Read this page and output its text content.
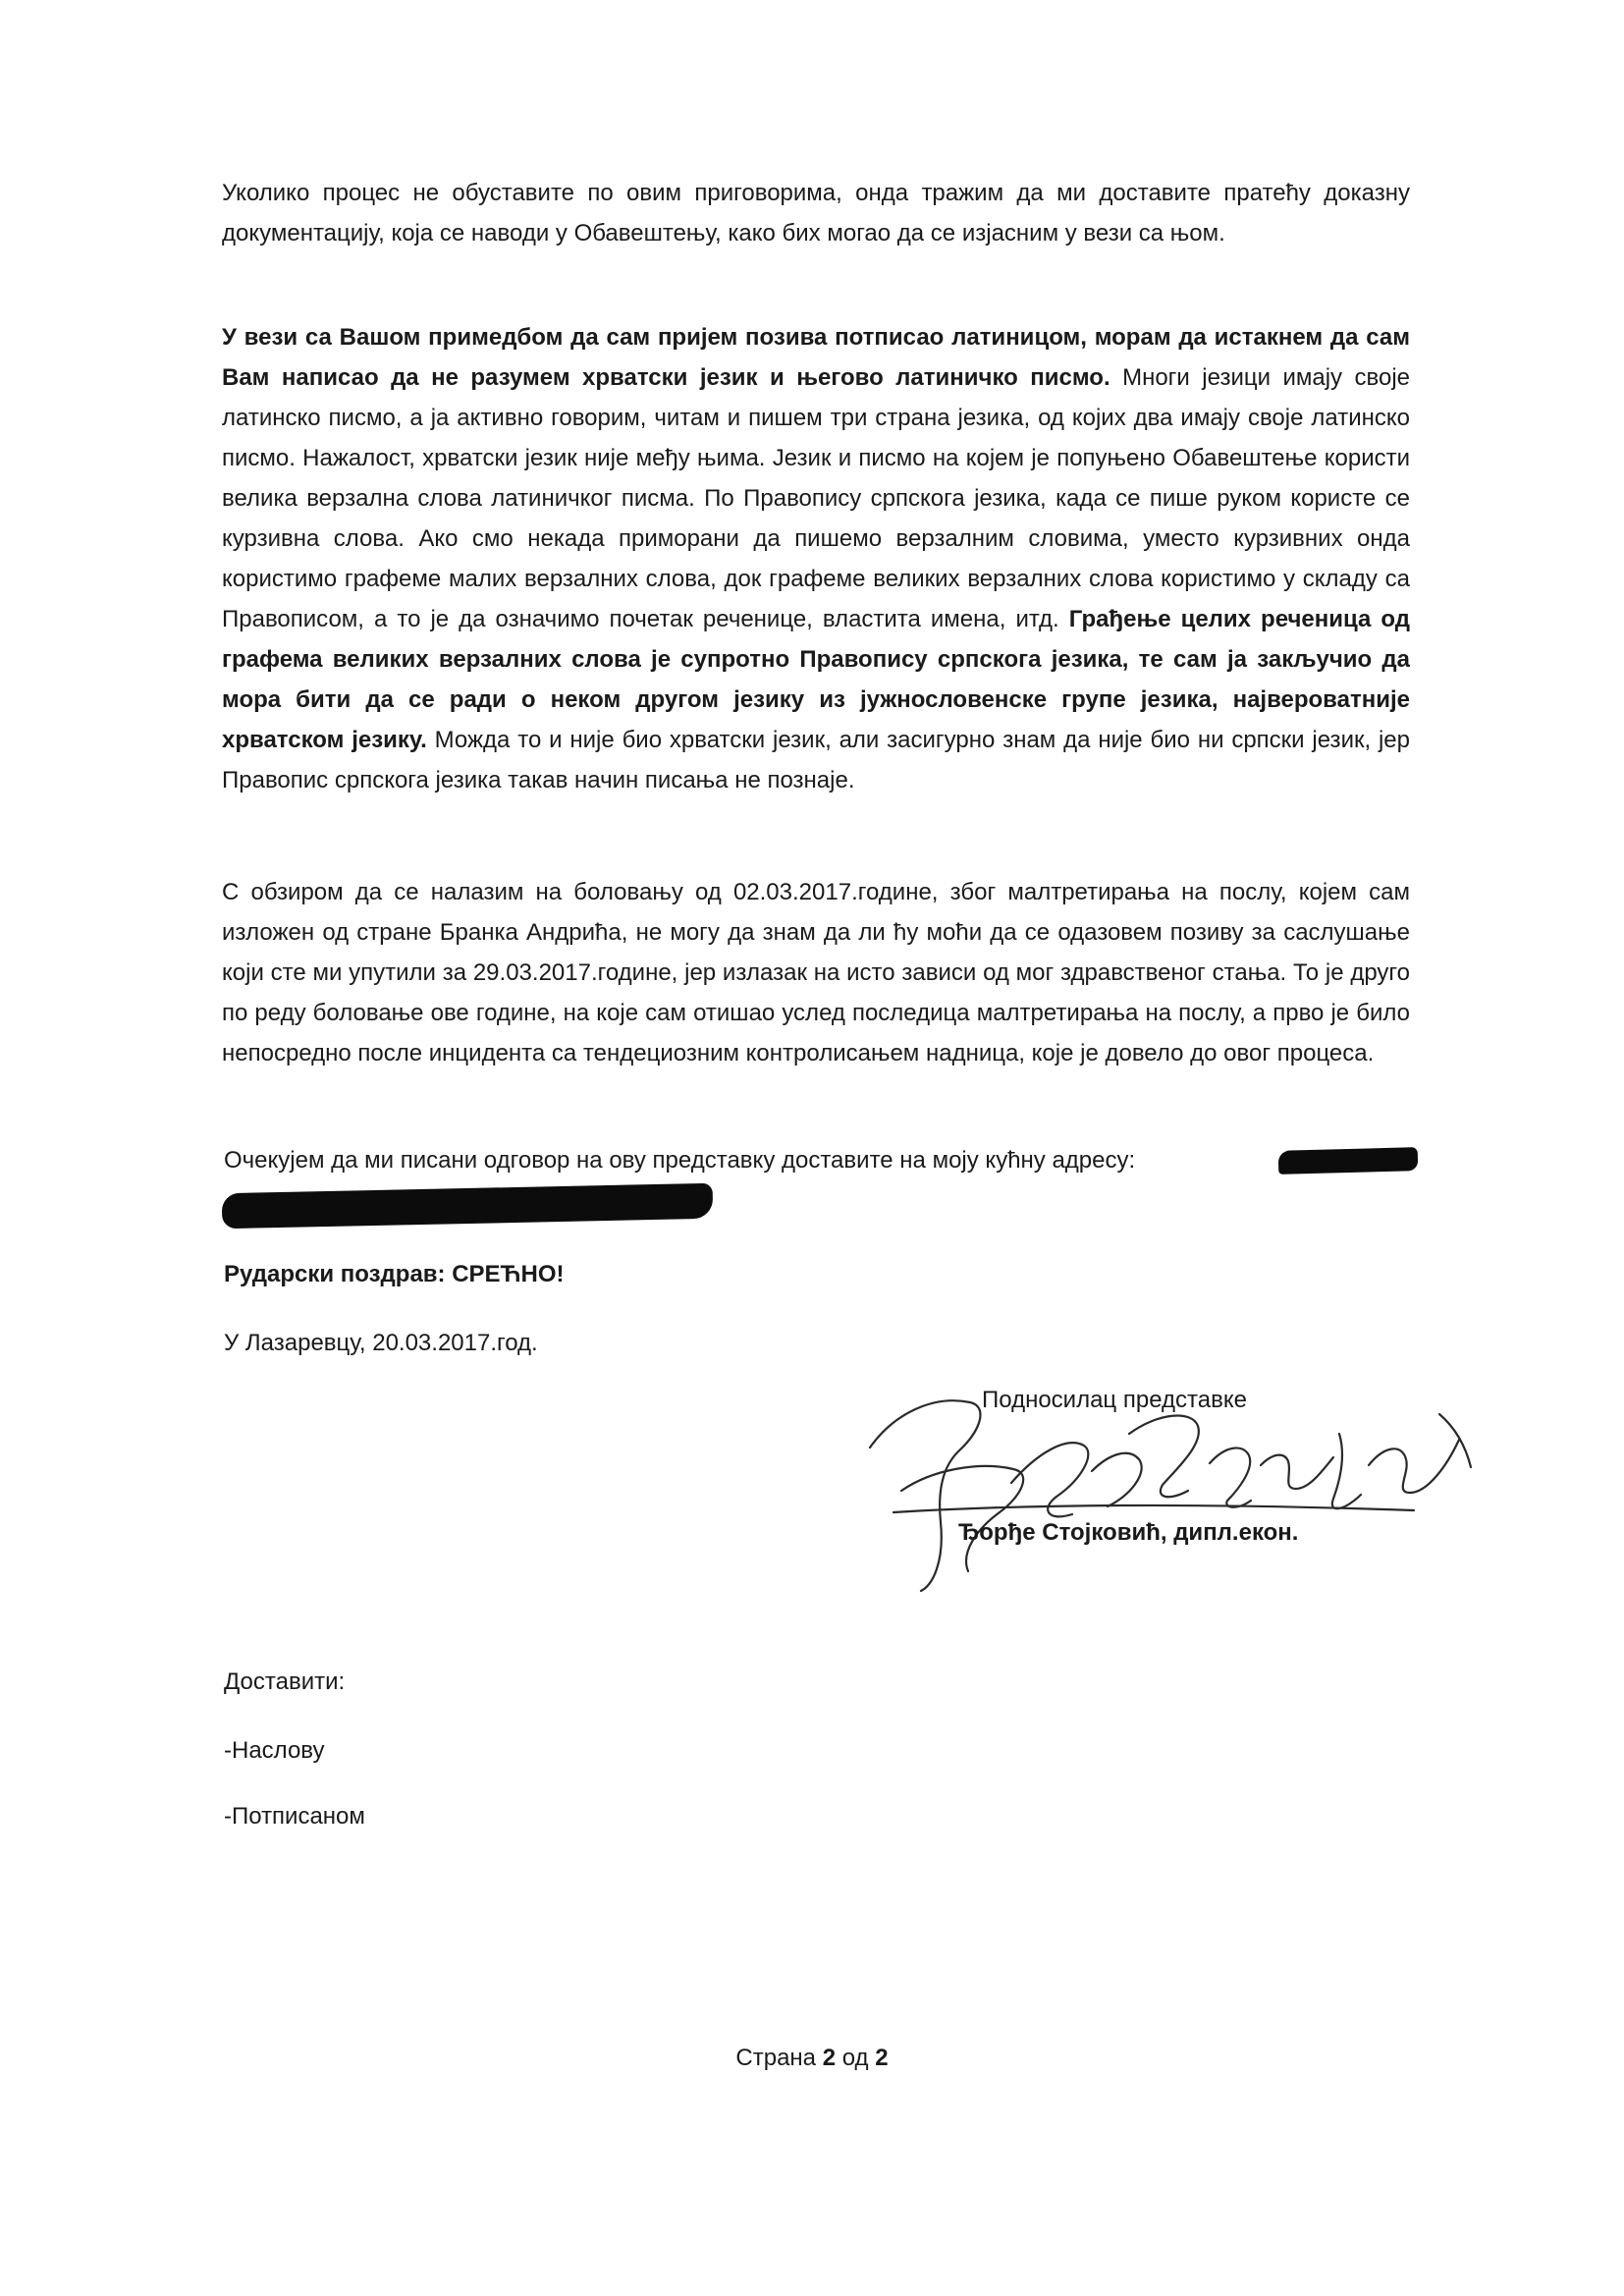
Уколико процес не обуставите по овим приговорима, онда тражим да ми доставите пратећу доказну документацију, која се наводи у Обавештењу, како бих могао да се изјасним у вези са њом.

У вези са Вашом примедбом да сам пријем позива потписао латиницом, морам да истакнем да сам Вам написао да не разумем хрватски језик и његово латиничко писмо. Многи језици имају своје латинско писмо, а ја активно говорим, читам и пишем три страна језика, од којих два имају своје латинско писмо. Нажалост, хрватски језик није међу њима. Језик и писмо на којем је попуњено Обавештење користи велика верзална слова латиничког писма. По Правопису српскога језика, када се пише руком користе се курзивна слова. Ако смо некада приморани да пишемо верзалним словима, уместо курзивних онда користимо графеме малих верзалних слова, док графеме великих верзалних слова користимо у складу са Правописом, а то је да означимо почетак реченице, властита имена, итд. Грађење целих реченица од графема великих верзалних слова је супротно Правопису српскога језика, те сам ја закључио да мора бити да се ради о неком другом језику из јужнословенске групе језика, највероватније хрватском језику. Можда то и није био хрватски језик, али засигурно знам да није био ни српски језик, јер Правопис српскога језика такав начин писања не познаје.

С обзиром да се налазим на боловању од 02.03.2017.године, због малтретирања на послу, којем сам изложен од стране Бранка Андрића, не могу да знам да ли ћу моћи да се одазовем позиву за саслушање који сте ми упутили за 29.03.2017.године, јер излазак на исто зависи од мог здравственог стања. То је друго по реду боловање ове године, на које сам отишао услед последица малтретирања на послу, а прво је било непосредно после инцидента са тендециозним контролисањем надница, које је довело до овог процеса.

Очекујем да ми писани одговор на ову представку доставите на моју кућну адресу:

Рударски поздрав: СРЕЋНО!

У Лазаревцу, 20.03.2017.год.

Подносилац представке

Ђорђе Стојковић, дипл.екон.

Доставити:

-Наслову

-Потписаном

Страна 2 од 2
